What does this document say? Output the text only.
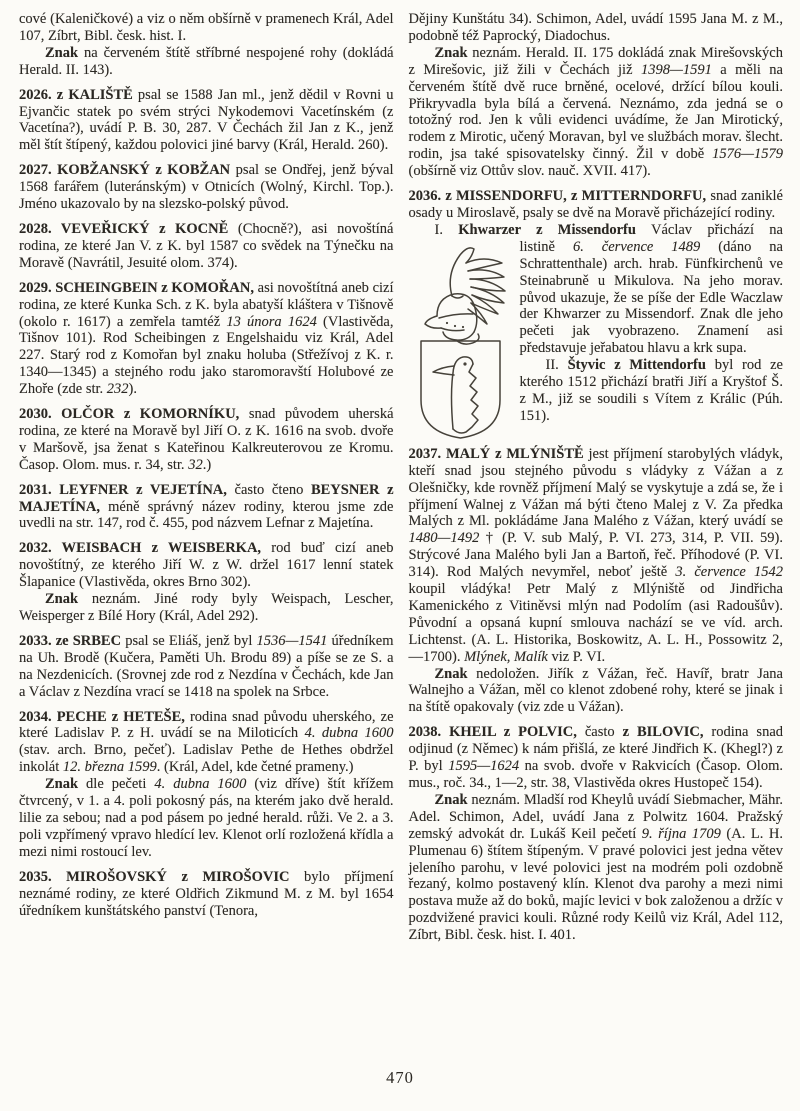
cové (Kaleničkové) a viz o něm obšírně v pramenech Král, Adel 107, Zíbrt, Bibl. česk. hist. I.

Znak na červeném štítě stříbrné nespojené rohy (dokládá Herald. II. 143).

2026. z KALIŠTĚ psal se 1588 Jan ml., jenž dědil v Rovni u Ejvančic statek po svém strýci Nykodemovi Vacetínském (z Vacetína?), uvádí P. B. 30, 287. V Čechách žil Jan z K., jenž měl štít štípený, každou polovici jiné barvy (Král, Herald. 260).

2027. KOBŽANSKÝ z KOBŽAN psal se Ondřej, jenž býval 1568 farářem (luteránským) v Otnicích (Wolný, Kirchl. Top.). Jméno ukazovalo by na slezsko-polský původ.

2028. VEVEŘICKÝ z KOCNĚ (Chocně?), asi novoštíná rodina, ze které Jan V. z K. byl 1587 co svědek na Týnečku na Moravě (Navrátil, Jesuité olom. 374).

2029. SCHEINGBEIN z KOMOŘAN, asi novoštítná aneb cizí rodina, ze které Kunka Sch. z K. byla abatyší kláštera v Tišnově (okolo r. 1617) a zemřela tamtéž 13 února 1624 (Vlastivěda, Tišnov 101). Rod Scheibingen z Engelshaidu viz Král, Adel 227. Starý rod z Komořan byl znaku holuba (Střežívoj z K. r. 1340—1345) a stejného rodu jako staromoravští Holubové ze Zhoře (zde str. 232).

2030. OLČOR z KOMORNÍKU, snad původem uherská rodina, ze které na Moravě byl Jiří O. z K. 1616 na svob. dvoře v Maršově, jsa ženat s Kateřinou Kalkreuterovou ze Kromu. Časop. Olom. mus. r. 34, str. 32.)

2031. LEYFNER z VEJETÍNA, často čteno BEYSNER z MAJETÍNA, méně správný název rodiny, kterou jsme zde uvedli na str. 147, rod č. 455, pod názvem Lefnar z Majetína.

2032. WEISBACH z WEISBERKA, rod buď cizí aneb novoštítný, ze kterého Jiří W. z W. držel 1617 lenní statek Šlapanice (Vlastivěda, okres Brno 302).

Znak neznám. Jiné rody byly Weispach, Lescher, Weisperger z Bílé Hory (Král, Adel 292).

2033. ze SRBEC psal se Eliáš, jenž byl 1536—1541 úředníkem na Uh. Brodě (Kučera, Paměti Uh. Brodu 89) a píše se ze S. a na Nezdenicích. (Srovnej zde rod z Nezdína v Čechách, kde Jan a Václav z Nezdína vrací se 1418 na spolek na Srbce.

2034. PECHE z HETEŠE, rodina snad původu uherského, ze které Ladislav P. z H. uvádí se na Miloticích 4. dubna 1600 (stav. arch. Brno, pečeť). Ladislav Pethe de Hethes obdržel inkolát 12. března 1599. (Král, Adel, kde četné prameny.)

Znak dle pečeti 4. dubna 1600 (viz dříve) štít křížem čtvrcený, v 1. a 4. poli pokosný pás, na kterém jako dvě herald. lilie za sebou; nad a pod pásem po jedné herald. růži. Ve 2. a 3. poli vzpřímený vpravo hledící lev. Klenot orlí rozložená křídla a mezi nimi rostoucí lev.

2035. MIROŠOVSKÝ z MIROŠOVIC bylo příjmení neznámé rodiny, ze které Oldřich Zikmund M. z M. byl 1654 úředníkem kunštátského panství (Tenora,

Dějiny Kunštátu 34). Schimon, Adel, uvádí 1595 Jana M. z M., podobně též Paprocký, Diadochus.

Znak neznám. Herald. II. 175 dokládá znak Mirešovských z Mirešovic, již žili v Čechách již 1398—1591 a měli na červeném štítě dvě ruce brněné, ocelové, držící bílou kouli. Přikryvadla byla bílá a červená. Neznámo, zda jedná se o totožný rod. Jen k vůli evidenci uvádíme, že Jan Mirotický, rodem z Mirotic, učený Moravan, byl ve službách morav. šlecht. rodin, jsa také spisovatelsky činný. Žil v době 1576—1579 (obšírně viz Ottův slov. nauč. XVII. 417).

2036. z MISSENDORFU, z MITTERNDORFU, snad zaniklé osady u Miroslavě, psaly se dvě na Moravě přicházející rodiny.

I. Khwarzer z Missendorfu Václav přichází na

listině 6. července 1489 (dáno na Schrattenthale) arch. hrab. Fünfkirchenů ve Steinabruně u Mikulova. Na jeho morav. původ ukazuje, že se píše der Edle Waczlaw der Khwarzer zu Missendorf. Znak dle jeho pečeti jak vyobrazeno. Znamení asi představuje jeřabatou hlavu a krk supa.

II. Štyvic z Mittendorfu byl rod ze kterého 1512 přichází bratři Jiří a Kryštof Š. z M., již se soudili s Vítem z Králic (Púh. 151).

2037. MALÝ z MLÝNIŠTĚ jest příjmení starobylých vládyk, kteří snad jsou stejného původu s vládyky z Vážan a z Olešničky, kde rovněž příjmení Malý se vyskytuje a zdá se, že i příjmení Walnej z Vážan má býti čteno Malej z V. Za předka Malých z Ml. pokládáme Jana Malého z Vážan, který uvádí se 1480—1492 † (P. V. sub Malý, P. VI. 273, 314, P. VII. 59). Strýcové Jana Malého byli Jan a Bartoň, řeč. Příhodové (P. VI. 314). Rod Malých nevymřel, neboť ještě 3. července 1542 koupil vládýka! Petr Malý z Mlýniště od Jindřicha Kamenického z Vitiněvsi mlýn nad Podolím (asi Radoušův). Původní a opsaná kupní smlouva nachází se ve víd. arch. Lichtenst. (A. L. Historika, Boskowitz, A. L. H., Possowitz 2, —1700). Mlýnek, Malík viz P. VI.

Znak nedoložen. Jiřík z Vážan, řeč. Havíř, bratr Jana Walnejho a Vážan, měl co klenot zdobené rohy, které se jinak i na štítě opakovaly (viz zde u Vážan).

2038. KHEIL z POLVIC, často z BILOVIC, rodina snad odjinud (z Němec) k nám přišlá, ze které Jindřich K. (Khegl?) z P. byl 1595—1624 na svob. dvoře v Rakvicích (Časop. Olom. mus., roč. 34., 1—2, str. 38, Vlastivěda okres Hustopeč 154).

Znak neznám. Mladší rod Kheylů uvádí Siebmacher, Mähr. Adel. Schimon, Adel, uvádí Jana z Polwitz 1604. Pražský zemský advokát dr. Lukáš Keil pečetí 9. října 1709 (A. L. H. Plumenau 6) štítem štípeným. V pravé polovici jest jedna větev jeleního parohu, v levé polovici jest na modrém poli ozdobně řezaný, kolmo postavený klín. Klenot dva parohy a mezi nimi postava muže až do boků, majíc levici v bok založenou a držíc v pozdvižené pravici kouli. Různé rody Keilů viz Král, Adel 112, Zíbrt, Bibl. česk. hist. I. 401.

470
